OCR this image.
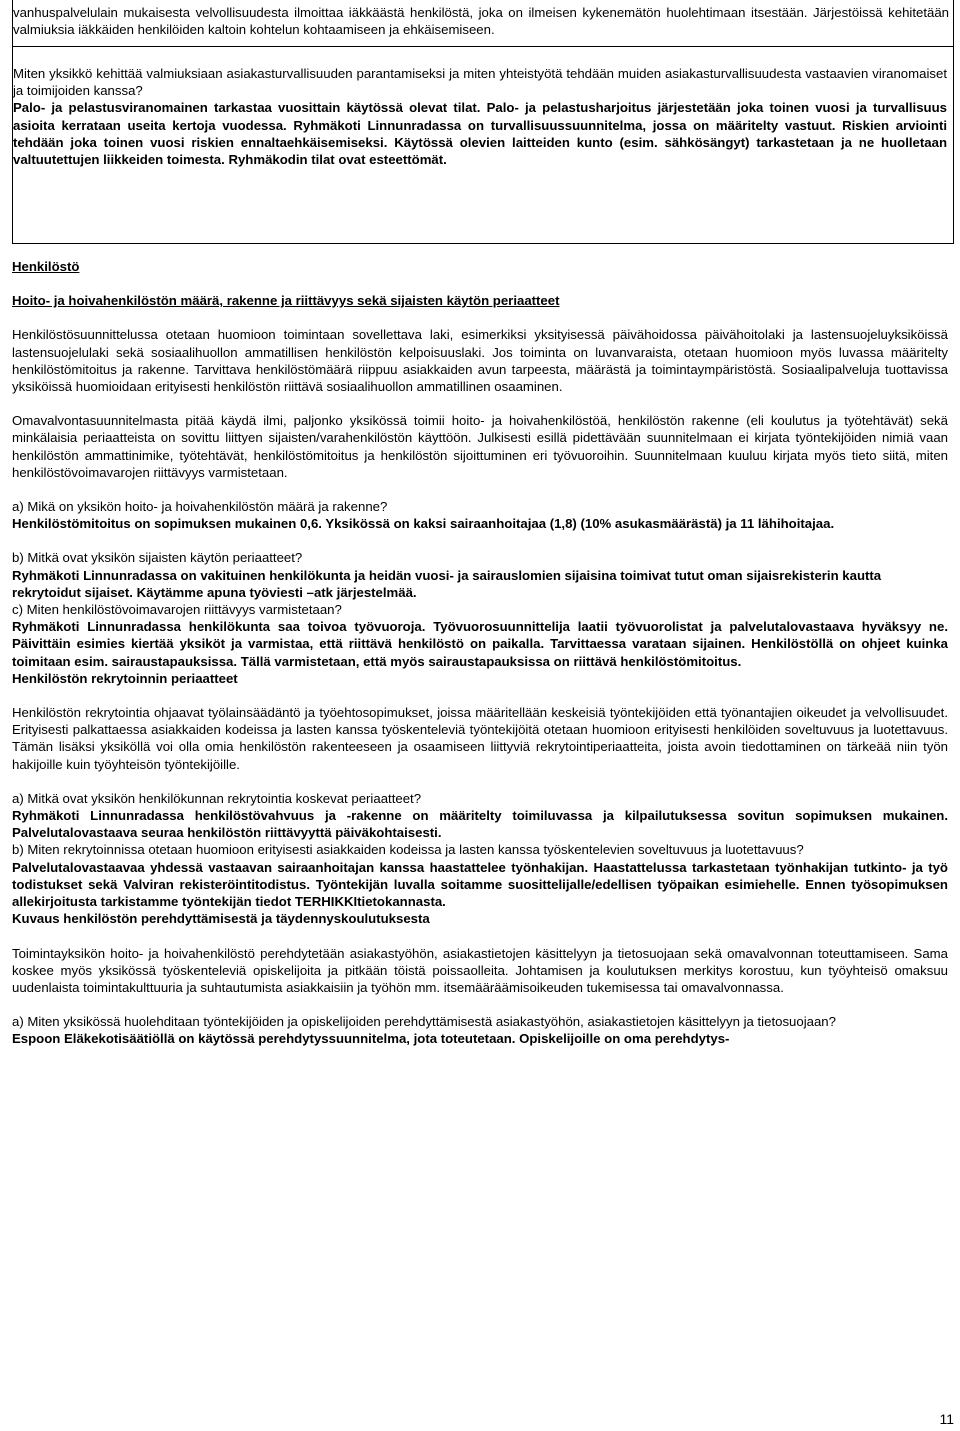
vanhuspalvelulain mukaisesta velvollisuudesta ilmoittaa iäkkäästä henkilöstä, joka on ilmeisen kykenemätön huolehtimaan itsestään. Järjestöissä kehitetään valmiuksia iäkkäiden henkilöiden kaltoin kohtelun kohtaamiseen ja ehkäisemiseen.

Miten yksikkö kehittää valmiuksiaan asiakasturvallisuuden parantamiseksi ja miten yhteistyötä tehdään muiden asiakasturvallisuudesta vastaavien viranomaiset ja toimijoiden kanssa?

Palo- ja pelastusviranomainen tarkastaa vuosittain käytössä olevat tilat. Palo- ja pelastusharjoitus järjestetään joka toinen vuosi ja turvallisuus asioita kerrataan useita kertoja vuodessa. Ryhmäkoti Linnunradassa on turvallisuussuunnitelma, jossa on määritelty vastuut. Riskien arviointi tehdään joka toinen vuosi riskien ennaltaehkäisemiseksi. Käytössä olevien laitteiden kunto (esim. sähkösängyt) tarkastetaan ja ne huolletaan valtuutettujen liikkeiden toimesta. Ryhmäkodin tilat ovat esteettömät.

Henkilöstö

Hoito- ja hoivahenkilöstön määrä, rakenne ja riittävyys sekä sijaisten käytön periaatteet

Henkilöstösuunnittelussa otetaan huomioon toimintaan sovellettava laki, esimerkiksi yksityisessä päivähoidossa päivähoitolaki ja lastensuojeluyksiköissä lastensuojelulaki sekä sosiaalihuollon ammatillisen henkilöstön kelpoisuuslaki. Jos toiminta on luvanvaraista, otetaan huomioon myös luvassa määritelty henkilöstömitoitus ja rakenne. Tarvittava henkilöstömäärä riippuu asiakkaiden avun tarpeesta, määrästä ja toimintaympäristöstä. Sosiaalipalveluja tuottavissa yksiköissä huomioidaan erityisesti henkilöstön riittävä sosiaalihuollon ammatillinen osaaminen.

Omavalvontasuunnitelmasta pitää käydä ilmi, paljonko yksikössä toimii hoito- ja hoivahenkilöstöä, henkilöstön rakenne (eli koulutus ja työtehtävät) sekä minkälaisia periaatteista on sovittu liittyen sijaisten/varahenkilöstön käyttöön. Julkisesti esillä pidettävään suunnitelmaan ei kirjata työntekijöiden nimiä vaan henkilöstön ammattinimike, työtehtävät, henkilöstömitoitus ja henkilöstön sijoittuminen eri työvuoroihin. Suunnitelmaan kuuluu kirjata myös tieto siitä, miten henkilöstövoimavarojen riittävyys varmistetaan.

a) Mikä on yksikön hoito- ja hoivahenkilöstön määrä ja rakenne?

Henkilöstömitoitus on sopimuksen mukainen 0,6. Yksikössä on kaksi sairaanhoitajaa (1,8) (10% asukasmäärästä) ja 11 lähihoitajaa.

b) Mitkä ovat yksikön sijaisten käytön periaatteet?

Ryhmäkoti Linnunradassa on vakituinen henkilökunta ja heidän vuosi- ja sairauslomien sijaisina toimivat tutut oman sijaisrekisterin kautta rekrytoidut sijaiset. Käytämme apuna työviesti –atk järjestelmää.

c) Miten henkilöstövoimavarojen riittävyys varmistetaan?

Ryhmäkoti Linnunradassa henkilökunta saa toivoa työvuoroja. Työvuorosuunnittelija laatii työvuorolistat ja palvelutalovastaava hyväksyy ne. Päivittäin esimies kiertää yksiköt ja varmistaa, että riittävä henkilöstö on paikalla. Tarvittaessa varataan sijainen. Henkilöstöllä on ohjeet kuinka toimitaan esim. sairaustapauksissa. Tällä varmistetaan, että myös sairaustapauksissa on riittävä henkilöstömitoitus.

Henkilöstön rekrytoinnin periaatteet

Henkilöstön rekrytointia ohjaavat työlainsäädäntö ja työehtosopimukset, joissa määritellään keskeisiä työntekijöiden että työnantajien oikeudet ja velvollisuudet. Erityisesti palkattaessa asiakkaiden kodeissa ja lasten kanssa työskenteleviä työntekijöitä otetaan huomioon erityisesti henkilöiden soveltuvuus ja luotettavuus. Tämän lisäksi yksiköllä voi olla omia henkilöstön rakenteeseen ja osaamiseen liittyviä rekrytointiperiaatteita, joista avoin tiedottaminen on tärkeää niin työn hakijoille kuin työyhteisön työntekijöille.

a) Mitkä ovat yksikön henkilökunnan rekrytointia koskevat periaatteet?

Ryhmäkoti Linnunradassa henkilöstövahvuus ja -rakenne on määritelty toimiluvassa ja kilpailutuksessa sovitun sopimuksen mukainen. Palvelutalovastaava seuraa henkilöstön riittävyyttä päiväkohtaisesti.

b) Miten rekrytoinnissa otetaan huomioon erityisesti asiakkaiden kodeissa ja lasten kanssa työskentelevien soveltuvuus ja luotettavuus?

Palvelutalovastaavaa yhdessä vastaavan sairaanhoitajan kanssa haastattelee työnhakijan. Haastattelussa tarkastetaan työnhakijan tutkinto- ja työ todistukset sekä Valviran rekisteröintitodistus. Työntekijän luvalla soitamme suosittelijalle/edellisen työpaikan esimiehelle. Ennen työsopimuksen allekirjoitusta tarkistamme työntekijän tiedot TERHIKKItietokannasta.

Kuvaus henkilöstön perehdyttämisestä ja täydennyskoulutuksesta

Toimintayksikön hoito- ja hoivahenkilöstö perehdytetään asiakastyöhön, asiakastietojen käsittelyyn ja tietosuojaan sekä omavalvonnan toteuttamiseen. Sama koskee myös yksikössä työskenteleviä opiskelijoita ja pitkään töistä poissaolleita. Johtamisen ja koulutuksen merkitys korostuu, kun työyhteisö omaksuu uudenlaista toimintakulttuuria ja suhtautumista asiakkaisiin ja työhön mm. itsemääräämisoikeuden tukemisessa tai omavalvonnassa.

a) Miten yksikössä huolehditaan työntekijöiden ja opiskelijoiden perehdyttämisestä asiakastyöhön, asiakastietojen käsittelyyn ja tietosuojaan?

Espoon Eläkekotisäätiöllä on käytössä perehdytyssuunnitelma, jota toteutetaan. Opiskelijoille on oma perehdytys-

11
